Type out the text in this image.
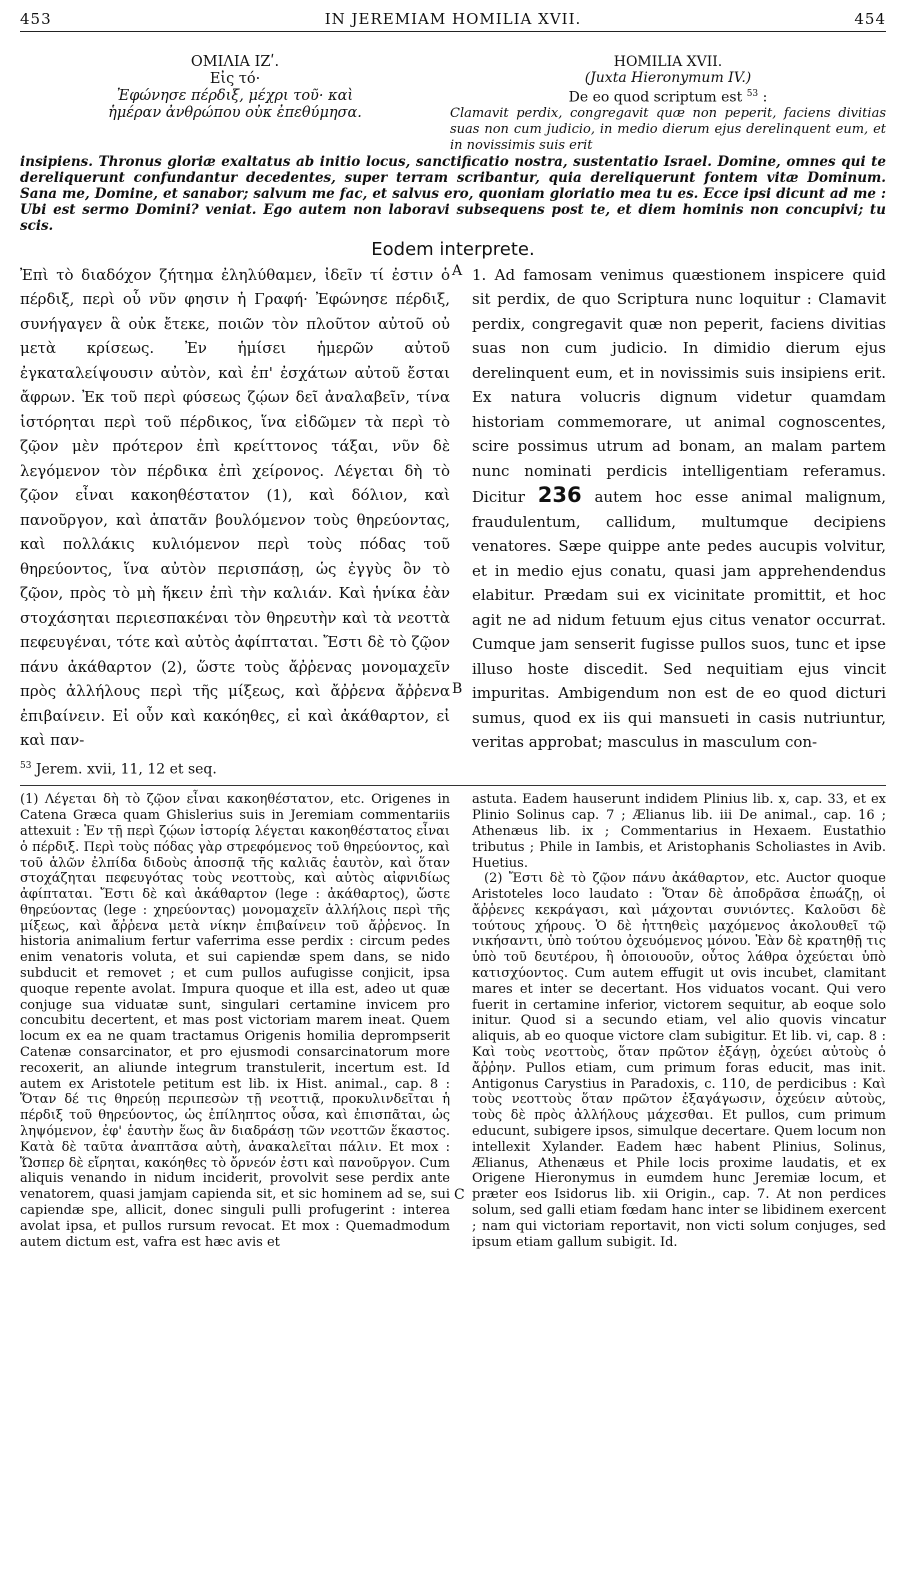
453	IN JEREMIAM HOMILIA XVII.	454
ΟΜΙΛΙΑ ΙΖʹ.
Εἰς τό·
Ἐφώνησε πέρδιξ, μέχρι τοῦ· καὶ ἡμέραν ἀνθρώπου οὐκ ἐπεθύμησα.
HOMILIA XVII.
(Juxta Hieronymum IV.)
De eo quod scriptum est $^{53}$ :
Clamavit perdix, congregavit quæ non peperit, faciens divitias suas non cum judicio, in medio dierum ejus derelinquent eum, et in novissimis suis erit
insipiens. Thronus gloriæ exaltatus ab initio locus, sanctificatio nostra, sustentatio Israel. Domine, omnes qui te dereliquerunt confundantur decedentes, super terram scribantur, quia dereliquerunt fontem vitæ Dominum. Sana me, Domine, et sanabor; salvum me fac, et salvus ero, quoniam gloriatio mea tu es. Ecce ipsi dicunt ad me : Ubi est sermo Domini? veniat. Ego autem non laboravi subsequens post te, et diem hominis non concupivi; tu scis.
Eodem interprete.
Ἐπὶ τὸ διαδόχον ζήτημα ἐληλύθαμεν, ἰδεῖν τί ἐστιν ὁ πέρδιξ, περὶ οὗ νῦν φησιν ἡ Γραφή· Ἐφώνησε πέρδιξ, συνήγαγεν ἃ οὐκ ἔτεκε, ποιῶν τὸν πλοῦτον αὐτοῦ οὐ μετὰ κρίσεως. Ἐν ἡμίσει ἡμερῶν αὐτοῦ ἐγκαταλείψουσιν αὐτὸν, καὶ ἐπ' ἐσχάτων αὐτοῦ ἔσται ἄφρων. Ἐκ τοῦ περὶ φύσεως ζῴων δεῖ ἀναλαβεῖν, τίνα ἱστόρηται περὶ τοῦ πέρδικος, ἵνα εἰδῶμεν τὰ περὶ τὸ ζῷον μὲν πρότερον ἐπὶ κρείττονος τάξαι, νῦν δὲ λεγόμενον τὸν πέρδικα ἐπὶ χείρονος. Λέγεται δὴ τὸ ζῷον εἶναι κακοηθέστατον (1), καὶ δόλιον, καὶ πανοῦργον, καὶ ἀπατᾶν βουλόμενον τοὺς θηρεύοντας, καὶ πολλάκις κυλιόμενον περὶ τοὺς πόδας τοῦ θηρεύοντος, ἵνα αὐτὸν περισπάσῃ, ὡς ἐγγὺς ὂν τὸ ζῷον, πρὸς τὸ μὴ ἥκειν ἐπὶ τὴν καλιάν. Καὶ ἡνίκα ἐὰν στοχάσηται περιεσπακέναι τὸν θηρευτὴν καὶ τὰ νεοττὰ πεφευγέναι, τότε καὶ αὐτὸς ἀφίπταται. Ἔστι δὲ τὸ ζῷον πάνυ ἀκάθαρτον (2), ὥστε τοὺς ἄῤῥενας μονομαχεῖν πρὸς ἀλλήλους περὶ τῆς μίξεως, καὶ ἄῤῥενα ἄῤῥενα ἐπιβαίνειν. Εἰ οὖν καὶ κακόηθες, εἰ καὶ ἀκάθαρτον, εἰ καὶ παν-
A
B
1. Ad famosam venimus quæstionem inspicere quid sit perdix, de quo Scriptura nunc loquitur : Clamavit perdix, congregavit quæ non peperit, faciens divitias suas non cum judicio. In dimidio dierum ejus derelinquent eum, et in novissimis suis insipiens erit. Ex natura volucris dignum videtur quamdam historiam commemorare, ut animal cognoscentes, scire possimus utrum ad bonam, an malam partem nunc nominati perdicis intelligentiam referamus. Dicitur 236 autem hoc esse animal malignum, fraudulentum, callidum, multumque decipiens venatores. Sæpe quippe ante pedes aucupis volvitur, et in medio ejus conatu, quasi jam apprehendendus elabitur. Prædam sui ex vicinitate promittit, et hoc agit ne ad nidum fetuum ejus citus venator occurrat. Cumque jam senserit fugisse pullos suos, tunc et ipse illuso hoste discedit. Sed nequitiam ejus vincit impuritas. Ambigendum non est de eo quod dicturi sumus, quod ex iis qui mansueti in casis nutriuntur, veritas approbat; masculus in masculum con-
$^{53}$ Jerem. xvii, 11, 12 et seq.
(1) Λέγεται δὴ τὸ ζῷον εἶναι κακοηθέστατον, etc. Origenes in Catena Græca quam Ghislerius suis in Jeremiam commentariis attexuit : Ἐν τῇ περὶ ζῴων ἱστορίᾳ λέγεται κακοηθέστατος εἶναι ὁ πέρδιξ. Περὶ τοὺς πόδας γὰρ στρεφόμενος τοῦ θηρεύοντος, καὶ τοῦ ἁλῶν ἐλπίδα διδοὺς ἀποσπᾷ τῆς καλιᾶς ἑαυτὸν, καὶ ὅταν στοχάζηται πεφευγότας τοὺς νεοττοὺς, καὶ αὐτὸς αἰφνιδίως ἀφίπταται. Ἔστι δὲ καὶ ἀκάθαρτον (lege : ἀκάθαρτος), ὥστε θηρεύοντας (lege : χηρεύοντας) μονομαχεῖν ἀλλήλοις περὶ τῆς μίξεως, καὶ ἄῤῥενα μετὰ νίκην ἐπιβαίνειν τοῦ ἄῤῥενος. In historia animalium fertur vaferrima esse perdix : circum pedes enim venatoris voluta, et sui capiendæ spem dans, se nido subducit et removet ; et cum pullos aufugisse conjicit, ipsa quoque repente avolat. Impura quoque et illa est, adeo ut quæ conjuge sua viduatæ sunt, singulari certamine invicem pro concubitu decertent, et mas post victoriam marem ineat. Quem locum ex ea ne quam tractamus Origenis homilia deprompserit Catenæ consarcinator, et pro ejusmodi consarcinatorum more recoxerit, an aliunde integrum transtulerit, incertum est. Id autem ex Aristotele petitum est lib. ix Hist. animal., cap. 8 : Ὅταν δέ τις θηρεύῃ περιπεσὼν τῇ νεοττιᾷ, προκυλινδεῖται ἡ πέρδιξ τοῦ θηρεύοντος, ὡς ἐπίληπτος οὖσα, καὶ ἐπισπᾶται, ὡς ληψόμενον, ἐφ' ἑαυτὴν ἕως ἂν διαδράσῃ τῶν νεοττῶν ἕκαστος. Κατὰ δὲ ταῦτα ἀναπτᾶσα αὐτὴ, ἀνακαλεῖται πάλιν. Et mox : Ὥσπερ δὲ εἴρηται, κακόηθες τὸ ὄρνεόν ἐστι καὶ πανοῦργον. Cum aliquis venando in nidum inciderit, provolvit sese perdix ante venatorem, quasi jamjam capienda sit, et sic hominem ad se, sui capiendæ spe, allicit, donec singuli pulli profugerint : interea avolat ipsa, et pullos rursum revocat. Et mox : Quemadmodum autem dictum est, vafra est hæc avis et
C
astuta. Eadem hauserunt indidem Plinius lib. x, cap. 33, et ex Plinio Solinus cap. 7 ; Ælianus lib. iii De animal., cap. 16 ; Athenæus lib. ix ; Commentarius in Hexaem. Eustathio tributus ; Phile in Iambis, et Aristophanis Scholiastes in Avib. Huetius.
(2) Ἔστι δὲ τὸ ζῷον πάνυ ἀκάθαρτον, etc. Auctor quoque Aristoteles loco laudato : Ὅταν δὲ ἀποδρᾶσα ἐπωάζῃ, οἱ ἄῤῥενες κεκράγασι, καὶ μάχονται συνιόντες. Καλοῦσι δὲ τούτους χήρους. Ὁ δὲ ἡττηθεὶς μαχόμενος ἀκολουθεῖ τῷ νικήσαντι, ὑπὸ τούτου ὀχευόμενος μόνου. Ἐὰν δὲ κρατηθῇ τις ὑπὸ τοῦ δευτέρου, ἢ ὁποιουοῦν, οὗτος λάθρα ὀχεύεται ὑπὸ κατισχύοντος. Cum autem effugit ut ovis incubet, clamitant mares et inter se decertant. Hos viduatos vocant. Qui vero fuerit in certamine inferior, victorem sequitur, ab eoque solo initur. Quod si a secundo etiam, vel alio quovis vincatur aliquis, ab eo quoque victore clam subigitur. Et lib. vi, cap. 8 : Καὶ τοὺς νεοττοὺς, ὅταν πρῶτον ἐξάγῃ, ὀχεύει αὐτοὺς ὁ ἄῤῥην. Pullos etiam, cum primum foras educit, mas init. Antigonus Carystius in Paradoxis, c. 110, de perdicibus : Καὶ τοὺς νεοττοὺς ὅταν πρῶτον ἐξαγάγωσιν, ὀχεύειν αὐτοὺς, τοὺς δὲ πρὸς ἀλλήλους μάχεσθαι. Et pullos, cum primum educunt, subigere ipsos, simulque decertare. Quem locum non intellexit Xylander. Eadem hæc habent Plinius, Solinus, Ælianus, Athenæus et Phile locis proxime laudatis, et ex Origene Hieronymus in eumdem hunc Jeremiæ locum, et præter eos Isidorus lib. xii Origin., cap. 7. At non perdices solum, sed galli etiam fœdam hanc inter se libidinem exercent ; nam qui victoriam reportavit, non victi solum conjuges, sed ipsum etiam gallum subigit. Id.
